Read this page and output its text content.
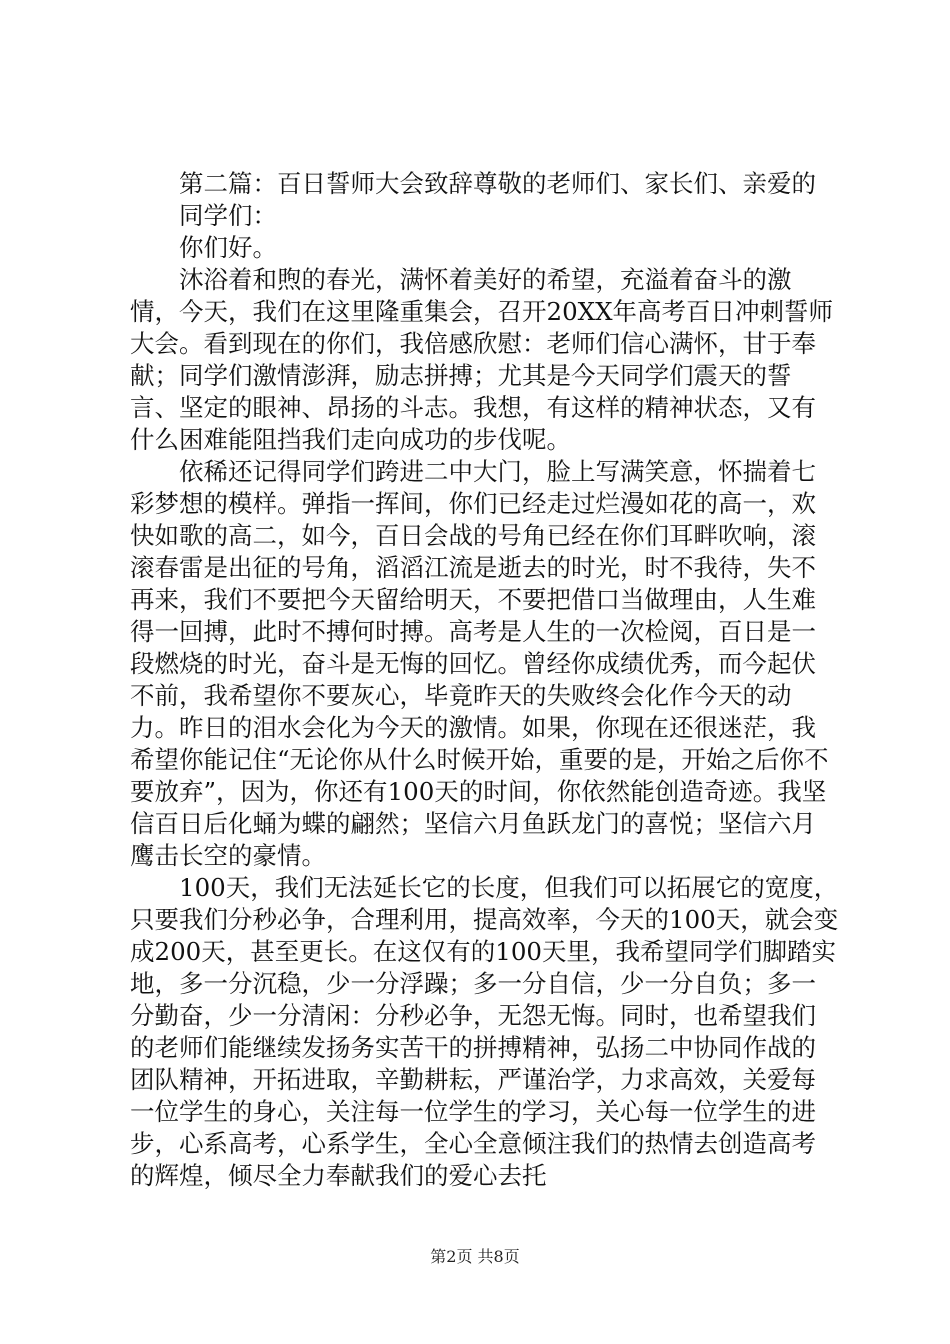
第二篇：百日誓师大会致辞尊敬的老师们、家长们、亲爱的

同学们：

你们好。

沐浴着和煦的春光，满怀着美好的希望，充溢着奋斗的激情，今天，我们在这里隆重集会，召开20XX年高考百日冲刺誓师大会。看到现在的你们，我倍感欣慰：老师们信心满怀，甘于奉献；同学们激情澎湃，励志拼搏；尤其是今天同学们震天的誓言、坚定的眼神、昂扬的斗志。我想，有这样的精神状态，又有什么困难能阻挡我们走向成功的步伐呢。

依稀还记得同学们跨进二中大门，脸上写满笑意，怀揣着七彩梦想的模样。弹指一挥间，你们已经走过烂漫如花的高一，欢快如歌的高二，如今，百日会战的号角已经在你们耳畔吹响，滚滚春雷是出征的号角，滔滔江流是逝去的时光，时不我待，失不再来，我们不要把今天留给明天，不要把借口当做理由，人生难得一回搏，此时不搏何时搏。高考是人生的一次检阅，百日是一段燃烧的时光，奋斗是无悔的回忆。曾经你成绩优秀，而今起伏不前，我希望你不要灰心，毕竟昨天的失败终会化作今天的动力。昨日的泪水会化为今天的激情。如果，你现在还很迷茫，我希望你能记住“无论你从什么时候开始，重要的是，开始之后你不要放弃”，因为，你还有100天的时间，你依然能创造奇迹。我坚信百日后化蛹为蝶的翩然；坚信六月鱼跃龙门的喜悦；坚信六月鹰击长空的豪情。

100天，我们无法延长它的长度，但我们可以拓展它的宽度，只要我们分秒必争，合理利用，提高效率，今天的100天，就会变成200天，甚至更长。在这仅有的100天里，我希望同学们脚踏实地，多一分沉稳，少一分浮躁；多一分自信，少一分自负；多一分勤奋，少一分清闲：分秒必争，无怨无悔。同时，也希望我们的老师们能继续发扬务实苦干的拼搏精神，弘扬二中协同作战的团队精神，开拓进取，辛勤耕耘，严谨治学，力求高效，关爱每一位学生的身心，关注每一位学生的学习，关心每一位学生的进步，心系高考，心系学生，全心全意倾注我们的热情去创造高考的辉煌，倾尽全力奉献我们的爱心去托

第2页 共8页
